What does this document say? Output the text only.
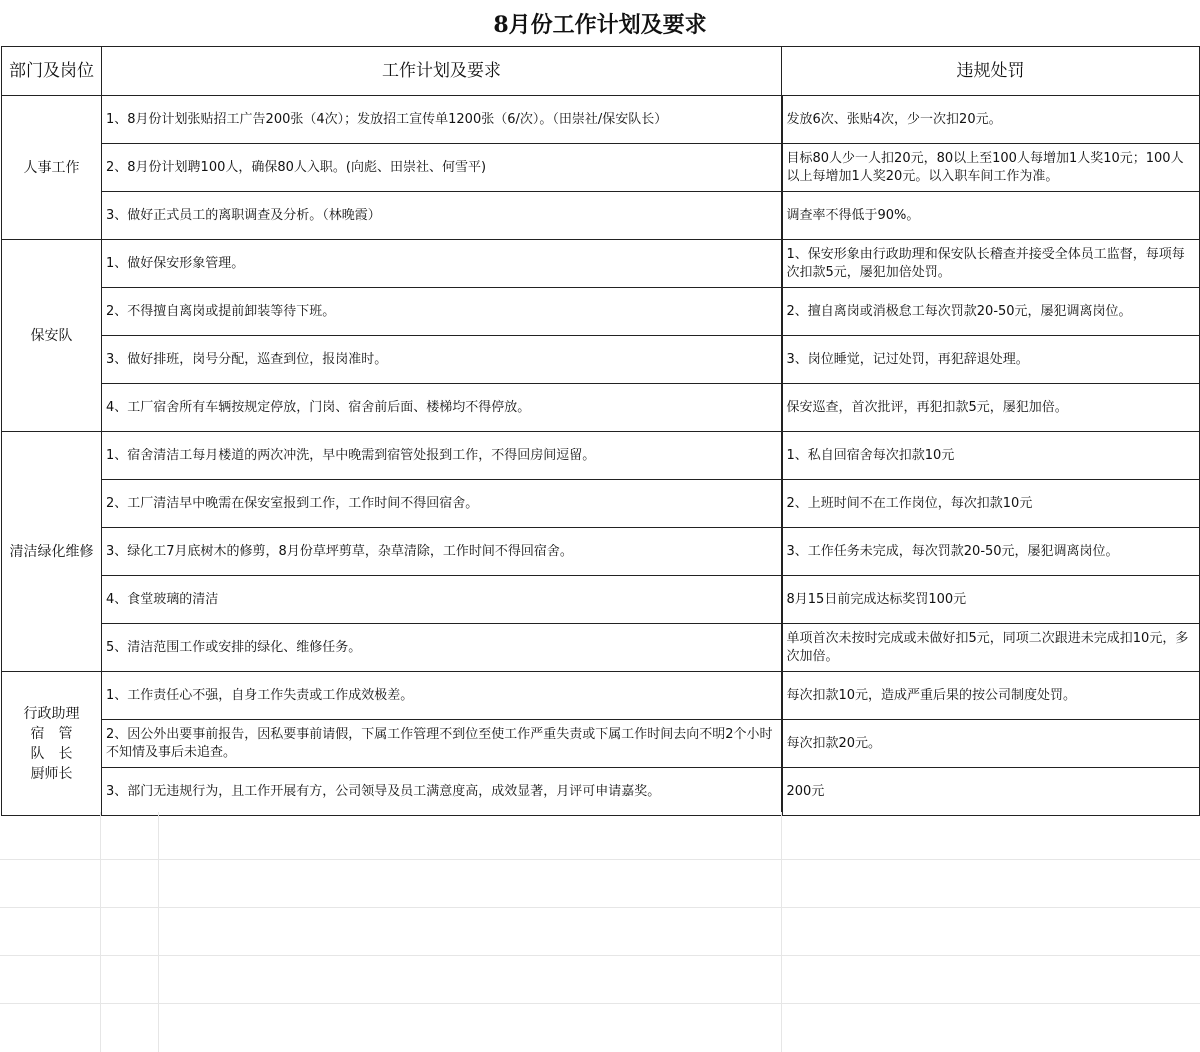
8月份工作计划及要求
部门及岗位	工作计划及要求	违规处罚

人事工作	1、8月份计划张贴招工广告200张（4次）；发放招工宣传单1200张（6/次）。（田崇社/保安队长）	发放6次、张贴4次，少一次扣20元。
	2、8月份计划聘100人，确保80人入职。(向彪、田崇社、何雪平)	目标80人少一人扣20元，80以上至100人每增加1人奖10元；100人以上每增加1人奖20元。以入职车间工作为准。
	3、做好正式员工的离职调查及分析。（林晚霞）	调查率不得低于90%。

保安队	1、做好保安形象管理。	1、保安形象由行政助理和保安队长稽查并接受全体员工监督，每项每次扣款5元，屡犯加倍处罚。
	2、不得擅自离岗或提前卸装等待下班。	2、擅自离岗或消极怠工每次罚款20-50元，屡犯调离岗位。
	3、做好排班，岗号分配，巡查到位，报岗准时。	3、岗位睡觉，记过处罚，再犯辞退处理。
	4、工厂宿舍所有车辆按规定停放，门岗、宿舍前后面、楼梯均不得停放。	保安巡查，首次批评，再犯扣款5元，屡犯加倍。

清洁绿化维修	1、宿舍清洁工每月楼道的两次冲洗，早中晚需到宿管处报到工作，不得回房间逗留。	1、私自回宿舍每次扣款10元
	2、工厂清洁早中晚需在保安室报到工作，工作时间不得回宿舍。	2、上班时间不在工作岗位，每次扣款10元
	3、绿化工7月底树木的修剪，8月份草坪剪草，杂草清除，工作时间不得回宿舍。	3、工作任务未完成，每次罚款20-50元，屡犯调离岗位。
	4、食堂玻璃的清洁	8月15日前完成达标奖罚100元
	5、清洁范围工作或安排的绿化、维修任务。	单项首次未按时完成或未做好扣5元，同项二次跟进未完成扣10元，多次加倍。

行政助理
宿　管
队　长
厨师长	1、工作责任心不强，自身工作失责或工作成效极差。	每次扣款10元，造成严重后果的按公司制度处罚。
	2、因公外出要事前报告，因私要事前请假，下属工作管理不到位至使工作严重失责或下属工作时间去向不明2个小时不知情及事后未追查。	每次扣款20元。
	3、部门无违规行为，且工作开展有方，公司领导及员工满意度高，成效显著，月评可申请嘉奖。	200元
